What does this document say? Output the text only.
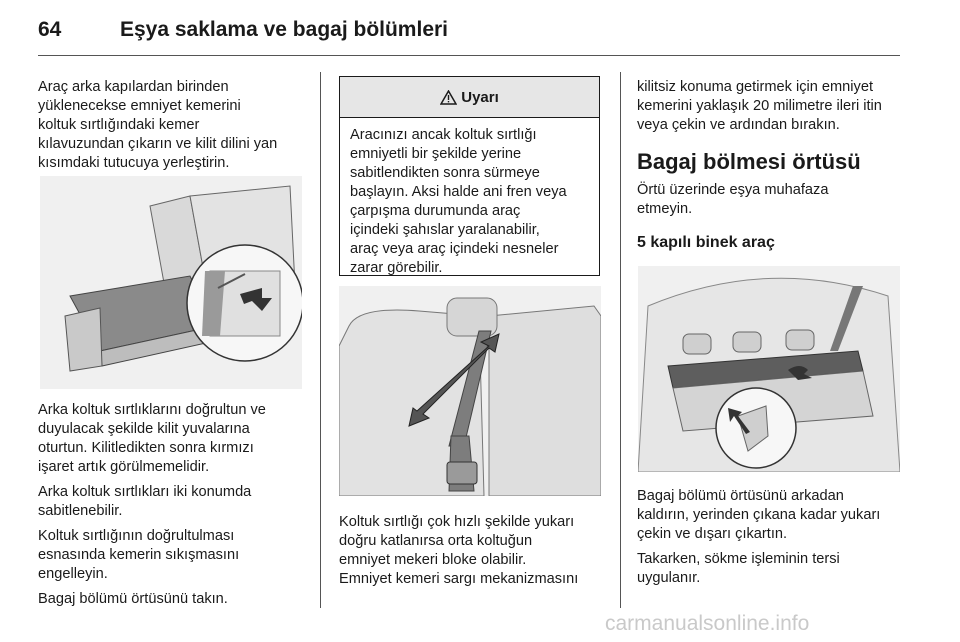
64	Eşya saklama ve bagaj bölümleri

Araç arka kapılardan birinden
yüklenecekse emniyet kemerini
koltuk sırtlığındaki kemer
kılavuzundan çıkarın ve kilit dilini yan
kısımdaki tutucuya yerleştirin.

Arka koltuk sırtlıklarını doğrultun ve
duyulacak şekilde kilit yuvalarına
oturtun. Kilitledikten sonra kırmızı
işaret artık görülmemelidir.

Arka koltuk sırtlıkları iki konumda
sabitlenebilir.

Koltuk sırtlığının doğrultulması
esnasında kemerin sıkışmasını
engelleyin.

Bagaj bölümü örtüsünü takın.

Uyarı
Aracınızı ancak koltuk sırtlığı
emniyetli bir şekilde yerine
sabitlendikten sonra sürmeye
başlayın. Aksi halde ani fren veya
çarpışma durumunda araç
içindeki şahıslar yaralanabilir,
araç veya araç içindeki nesneler
zarar görebilir.

Koltuk sırtlığı çok hızlı şekilde yukarı
doğru katlanırsa orta koltuğun
emniyet mekeri bloke olabilir.
Emniyet kemeri sargı mekanizmasını

kilitsiz konuma getirmek için emniyet
kemerini yaklaşık 20 milimetre ileri itin
veya çekin ve ardından bırakın.

Bagaj bölmesi örtüsü

Örtü üzerinde eşya muhafaza
etmeyin.

5 kapılı binek araç

Bagaj bölümü örtüsünü arkadan
kaldırın, yerinden çıkana kadar yukarı
çekin ve dışarı çıkartın.

Takarken, sökme işleminin tersi
uygulanır.

carmanualsonline.info
